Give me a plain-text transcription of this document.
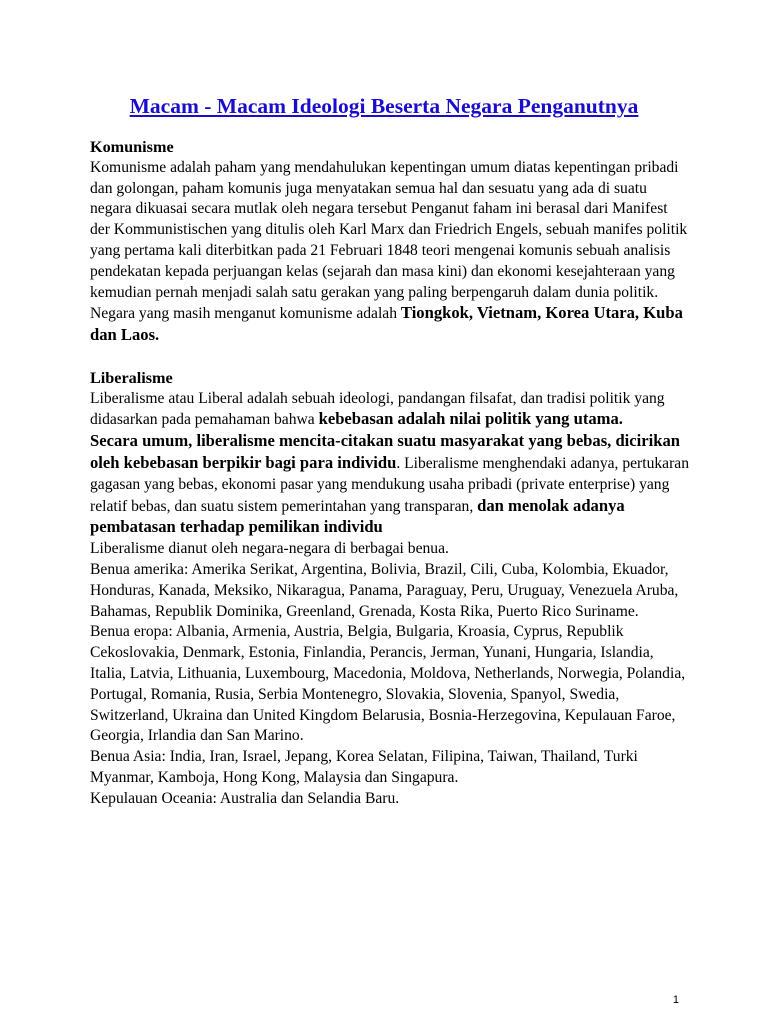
Macam - Macam Ideologi Beserta Negara Penganutnya

Komunisme

Komunisme adalah paham yang mendahulukan kepentingan umum diatas kepentingan pribadi dan golongan, paham komunis juga menyatakan semua hal dan sesuatu yang ada di suatu negara dikuasai secara mutlak oleh negara tersebut Penganut faham ini berasal dari Manifest der Kommunistischen yang ditulis oleh Karl Marx dan Friedrich Engels, sebuah manifes politik yang pertama kali diterbitkan pada 21 Februari 1848 teori mengenai komunis sebuah analisis pendekatan kepada perjuangan kelas (sejarah dan masa kini) dan ekonomi kesejahteraan yang kemudian pernah menjadi salah satu gerakan yang paling berpengaruh dalam dunia politik.

Negara yang masih menganut komunisme adalah Tiongkok, Vietnam, Korea Utara, Kuba dan Laos.

Liberalisme

Liberalisme atau Liberal adalah sebuah ideologi, pandangan filsafat, dan tradisi politik yang didasarkan pada pemahaman bahwa kebebasan adalah nilai politik yang utama.

Secara umum, liberalisme mencita-citakan suatu masyarakat yang bebas, dicirikan oleh kebebasan berpikir bagi para individu. Liberalisme menghendaki adanya, pertukaran gagasan yang bebas, ekonomi pasar yang mendukung usaha pribadi (private enterprise) yang relatif bebas, dan suatu sistem pemerintahan yang transparan, dan menolak adanya pembatasan terhadap pemilikan individu

Liberalisme dianut oleh negara-negara di berbagai benua.

Benua amerika: Amerika Serikat, Argentina, Bolivia, Brazil, Cili, Cuba, Kolombia, Ekuador, Honduras, Kanada, Meksiko, Nikaragua, Panama, Paraguay, Peru, Uruguay, Venezuela Aruba, Bahamas, Republik Dominika, Greenland, Grenada, Kosta Rika, Puerto Rico Suriname.

Benua eropa: Albania, Armenia, Austria, Belgia, Bulgaria, Kroasia, Cyprus, Republik Cekoslovakia, Denmark, Estonia, Finlandia, Perancis, Jerman, Yunani, Hungaria, Islandia, Italia, Latvia, Lithuania, Luxembourg, Macedonia, Moldova, Netherlands, Norwegia, Polandia, Portugal, Romania, Rusia, Serbia Montenegro, Slovakia, Slovenia, Spanyol, Swedia, Switzerland, Ukraina dan United Kingdom Belarusia, Bosnia-Herzegovina, Kepulauan Faroe, Georgia, Irlandia dan San Marino.

Benua Asia: India, Iran, Israel, Jepang, Korea Selatan, Filipina, Taiwan, Thailand, Turki Myanmar, Kamboja, Hong Kong, Malaysia dan Singapura.

Kepulauan Oceania: Australia dan Selandia Baru.

1
